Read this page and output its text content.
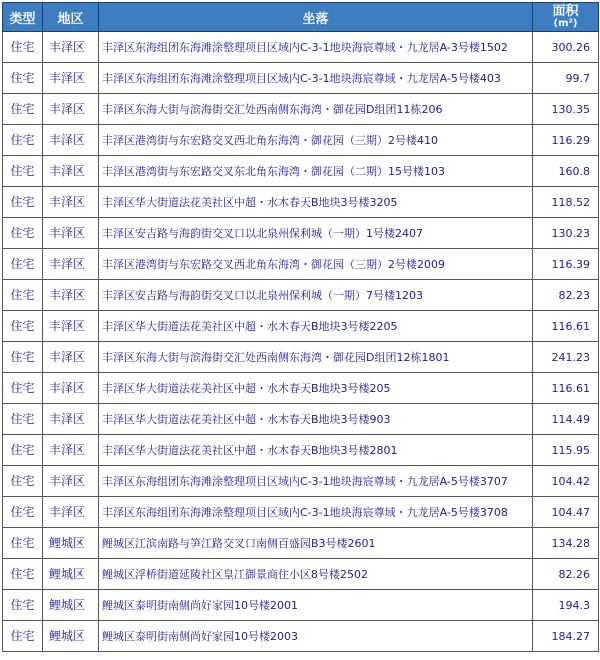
类型	地区	坐落	面积
(m²)

住宅	丰泽区	丰泽区东海组团东海滩涂整理项目区域内C-3-1地块海宸尊域・九龙居A-3号楼1502	300.26
住宅	丰泽区	丰泽区东海组团东海滩涂整理项目区域内C-3-1地块海宸尊域・九龙居A-5号楼403	99.7
住宅	丰泽区	丰泽区东海大街与滨海街交汇处西南侧东海湾・御花园D组团11栋206	130.35
住宅	丰泽区	丰泽区港湾街与东宏路交叉西北角东海湾・御花园（三期）2号楼410	116.29
住宅	丰泽区	丰泽区港湾街与东宏路交叉东北角东海湾・御花园（二期）15号楼103	160.8
住宅	丰泽区	丰泽区华大街道法花美社区中超・水木春天B地块3号楼3205	118.52
住宅	丰泽区	丰泽区安吉路与海韵街交叉口以北泉州保利城（一期）1号楼2407	130.23
住宅	丰泽区	丰泽区港湾街与东宏路交叉西北角东海湾・御花园（三期）2号楼2009	116.39
住宅	丰泽区	丰泽区安吉路与海韵街交叉口以北泉州保利城（一期）7号楼1203	82.23
住宅	丰泽区	丰泽区华大街道法花美社区中超・水木春天B地块3号楼2205	116.61
住宅	丰泽区	丰泽区东海大街与滨海街交汇处西南侧东海湾・御花园D组团12栋1801	241.23
住宅	丰泽区	丰泽区华大街道法花美社区中超・水木春天B地块3号楼205	116.61
住宅	丰泽区	丰泽区华大街道法花美社区中超・水木春天B地块3号楼903	114.49
住宅	丰泽区	丰泽区华大街道法花美社区中超・水木春天B地块3号楼2801	115.95
住宅	丰泽区	丰泽区东海组团东海滩涂整理项目区域内C-3-1地块海宸尊域・九龙居A-5号楼3707	104.42
住宅	丰泽区	丰泽区东海组团东海滩涂整理项目区域内C-3-1地块海宸尊域・九龙居A-5号楼3708	104.47
住宅	鲤城区	鲤城区江滨南路与笋江路交叉口南侧百盛园B3号楼2601	134.28
住宅	鲤城区	鲤城区浮桥街道延陵社区皇冮御景商住小区8号楼2502	82.26
住宅	鲤城区	鲤城区泰明街南侧尚好家园10号楼2001	194.3
住宅	鲤城区	鲤城区泰明街南侧尚好家园10号楼2003	184.27
